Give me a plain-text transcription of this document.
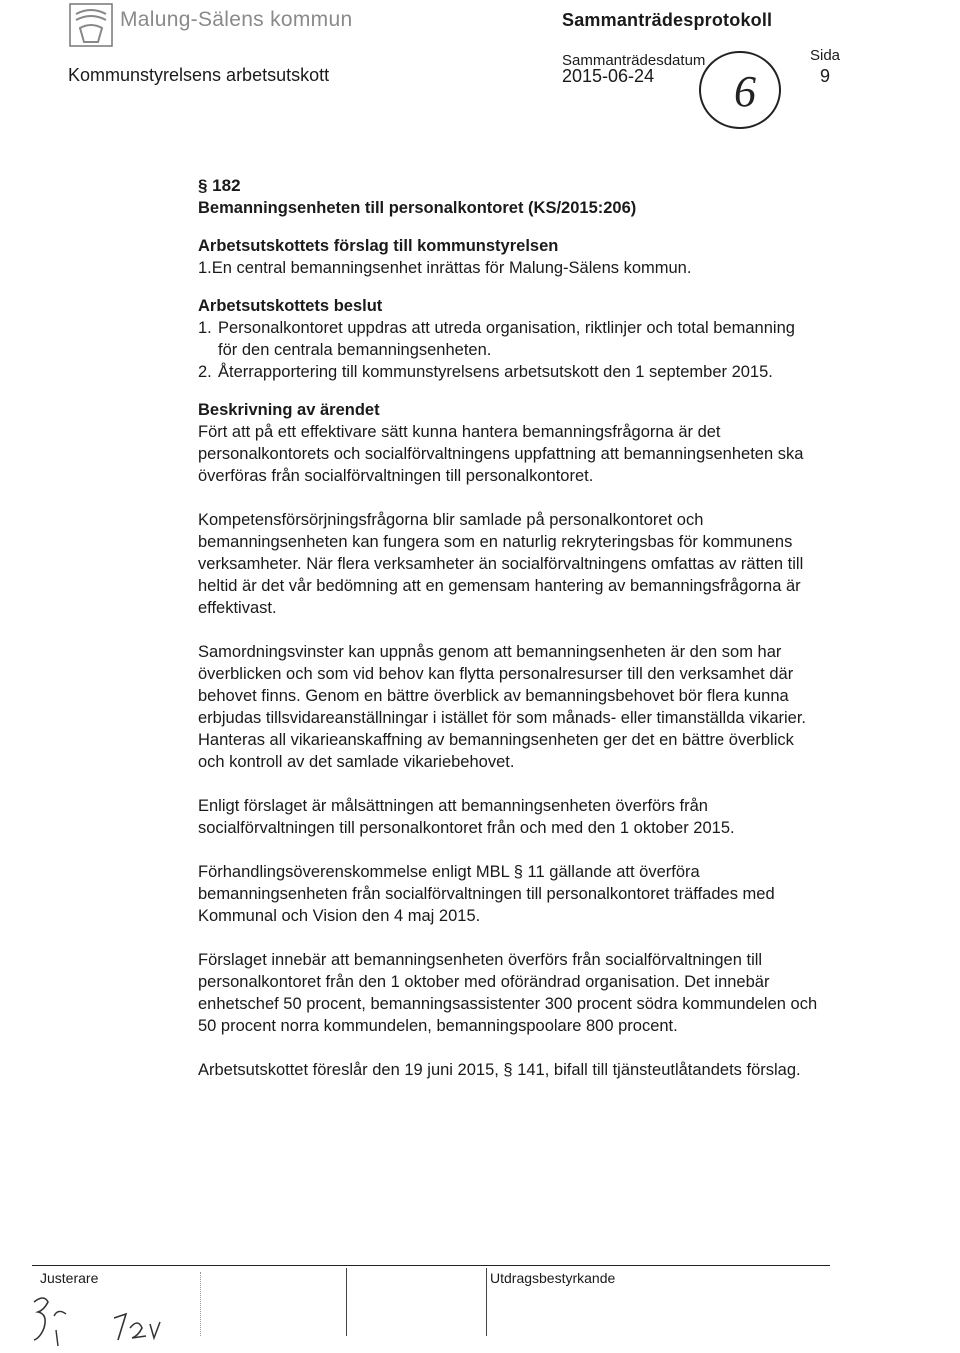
Malung-Sälens kommun
Kommunstyrelsens arbetsutskott
Sammanträdesprotokoll
Sammanträdesdatum
2015-06-24
Sida
9
6

§ 182

Bemanningsenheten till personalkontoret (KS/2015:206)

Arbetsutskottets förslag till kommunstyrelsen

1.En central bemanningsenhet inrättas för Malung-Sälens kommun.

Arbetsutskottets beslut

1. Personalkontoret uppdras att utreda organisation, riktlinjer och total bemanning för den centrala bemanningsenheten.
2. Återrapportering till kommunstyrelsens arbetsutskott den 1 september 2015.

Beskrivning av ärendet

Fört att på ett effektivare sätt kunna hantera bemanningsfrågorna är det personalkontorets och socialförvaltningens uppfattning att bemanningsenheten ska överföras från socialförvaltningen till personalkontoret.

Kompetensförsörjningsfrågorna blir samlade på personalkontoret och bemanningsenheten kan fungera som en naturlig rekryteringsbas för kommunens verksamheter. När flera verksamheter än socialförvaltningens omfattas av rätten till heltid är det vår bedömning att en gemensam hantering av bemanningsfrågorna är effektivast.

Samordningsvinster kan uppnås genom att bemanningsenheten är den som har överblicken och som vid behov kan flytta personalresurser till den verksamhet där behovet finns. Genom en bättre överblick av bemanningsbehovet bör flera kunna erbjudas tillsvidareanställningar i istället för som månads- eller timanställda vikarier. Hanteras all vikarieanskaffning av bemanningsenheten ger det en bättre överblick och kontroll av det samlade vikariebehovet.

Enligt förslaget är målsättningen att bemanningsenheten överförs från socialförvaltningen till personalkontoret från och med den 1 oktober 2015.

Förhandlingsöverenskommelse enligt MBL § 11 gällande att överföra bemanningsenheten från socialförvaltningen till personalkontoret träffades med Kommunal och Vision den 4 maj 2015.

Förslaget innebär att bemanningsenheten överförs från socialförvaltningen till personalkontoret från den 1 oktober med oförändrad organisation. Det innebär enhetschef 50 procent, bemanningsassistenter 300 procent södra kommundelen och 50 procent norra kommundelen, bemanningspoolare 800 procent.

Arbetsutskottet föreslår den 19 juni 2015, § 141, bifall till tjänsteutlåtandets förslag.

Justerare	Utdragsbestyrkande
